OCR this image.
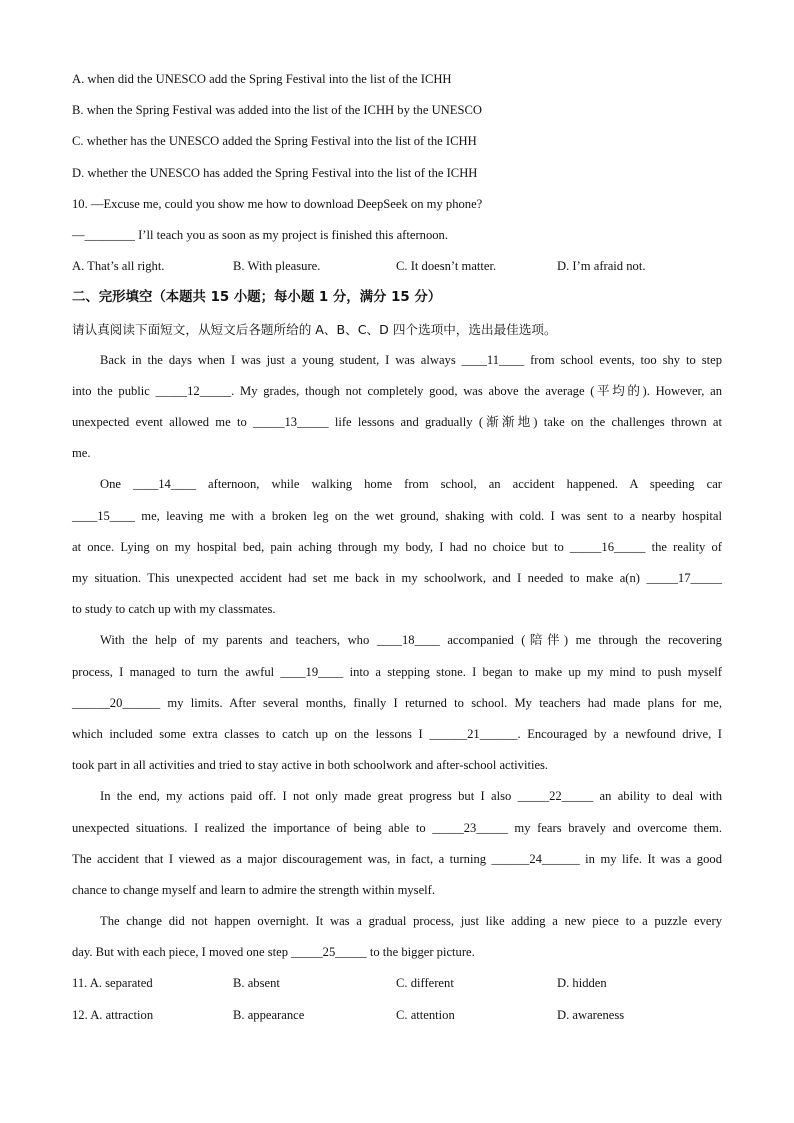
A. when did the UNESCO add the Spring Festival into the list of the ICHH
B. when the Spring Festival was added into the list of the ICHH by the UNESCO
C. whether has the UNESCO added the Spring Festival into the list of the ICHH
D. whether the UNESCO has added the Spring Festival into the list of the ICHH
10. —Excuse me, could you show me how to download DeepSeek on my phone?
—________ I’ll teach you as soon as my project is finished this afternoon.
A. That’s all right.	B. With pleasure.	C. It doesn’t matter.	D. I’m afraid not.
二、完形填空（本题共 15 小题；每小题 1 分，满分 15 分）
请认真阅读下面短文，从短文后各题所给的 A、B、C、D 四个选项中，选出最佳选项。
Back in the days when I was just a young student, I was always ____11____ from school events, too shy to step
into the public _____12_____. My grades, though not completely good, was above the average (平均的). However, an
unexpected event allowed me to _____13_____ life lessons and gradually (渐渐地) take on the challenges thrown at
me.
One ____14____ afternoon, while walking home from school, an accident happened. A speeding car
____15____ me, leaving me with a broken leg on the wet ground, shaking with cold. I was sent to a nearby hospital
at once. Lying on my hospital bed, pain aching through my body, I had no choice but to _____16_____ the reality of
my situation. This unexpected accident had set me back in my schoolwork, and I needed to make a(n) _____17_____
to study to catch up with my classmates.
With the help of my parents and teachers, who ____18____ accompanied (陪伴) me through the recovering
process, I managed to turn the awful ____19____ into a stepping stone. I began to make up my mind to push myself
______20______ my limits. After several months, finally I returned to school. My teachers had made plans for me,
which included some extra classes to catch up on the lessons I ______21______. Encouraged by a newfound drive, I
took part in all activities and tried to stay active in both schoolwork and after-school activities.
In the end, my actions paid off. I not only made great progress but I also _____22_____ an ability to deal with
unexpected situations. I realized the importance of being able to _____23_____ my fears bravely and overcome them.
The accident that I viewed as a major discouragement was, in fact, a turning ______24______ in my life. It was a good
chance to change myself and learn to admire the strength within myself.
The change did not happen overnight. It was a gradual process, just like adding a new piece to a puzzle every
day. But with each piece, I moved one step _____25_____ to the bigger picture.
11. A. separated	B. absent	C. different	D. hidden
12. A. attraction	B. appearance	C. attention	D. awareness
